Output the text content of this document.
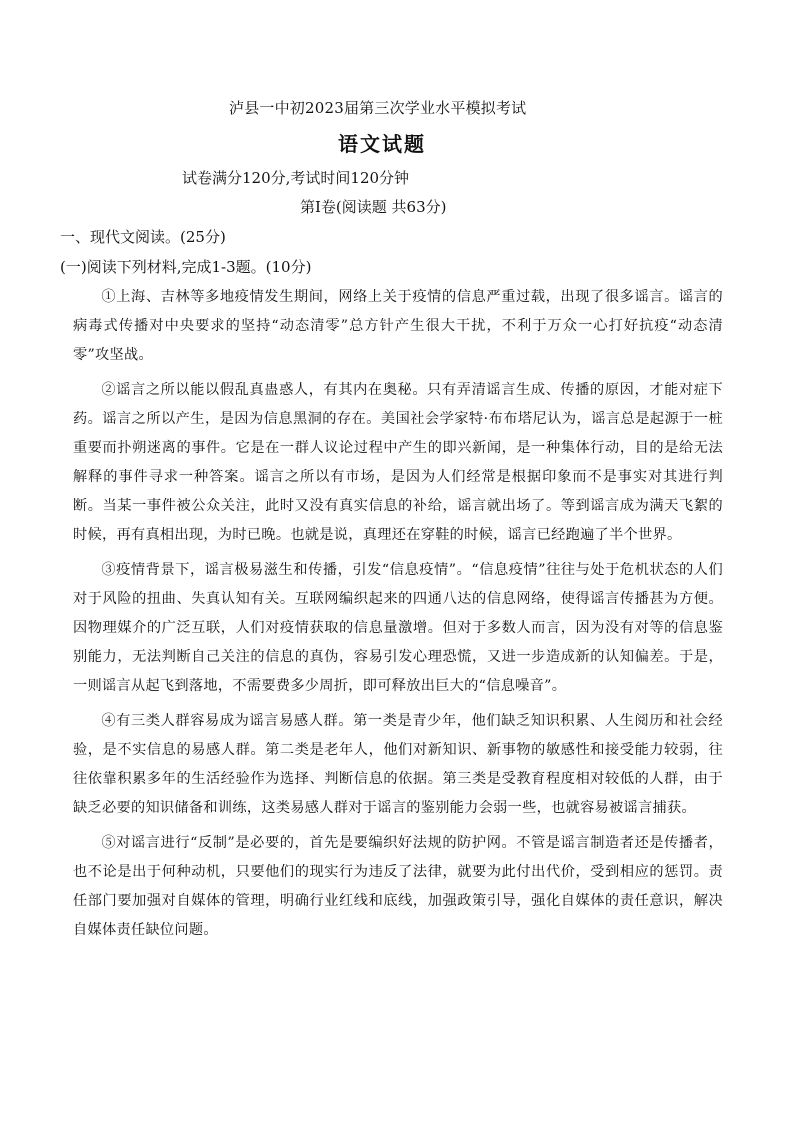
泸县一中初2023届第三次学业水平模拟考试
语文试题
试卷满分120分,考试时间120分钟
第Ⅰ卷(阅读题 共63分)
一、现代文阅读。(25分)
(一)阅读下列材料,完成1-3题。(10分)

①上海、吉林等多地疫情发生期间，网络上关于疫情的信息严重过载，出现了很多谣言。谣言的病毒式传播对中央要求的坚持“动态清零”总方针产生很大干扰，不利于万众一心打好抗疫“动态清零”攻坚战。

②谣言之所以能以假乱真蛊惑人，有其内在奥秘。只有弄清谣言生成、传播的原因，才能对症下药。谣言之所以产生，是因为信息黑洞的存在。美国社会学家特·布布塔尼认为，谣言总是起源于一桩重要而扑朔迷离的事件。它是在一群人议论过程中产生的即兴新闻，是一种集体行动，目的是给无法解释的事件寻求一种答案。谣言之所以有市场，是因为人们经常是根据印象而不是事实对其进行判断。当某一事件被公众关注，此时又没有真实信息的补给，谣言就出场了。等到谣言成为满天飞絮的时候，再有真相出现，为时已晚。也就是说，真理还在穿鞋的时候，谣言已经跑遍了半个世界。

③疫情背景下，谣言极易滋生和传播，引发“信息疫情”。“信息疫情”往往与处于危机状态的人们对于风险的扭曲、失真认知有关。互联网编织起来的四通八达的信息网络，使得谣言传播甚为方便。因物理媒介的广泛互联，人们对疫情获取的信息量激增。但对于多数人而言，因为没有对等的信息鉴别能力，无法判断自己关注的信息的真伪，容易引发心理恐慌，又进一步造成新的认知偏差。于是，一则谣言从起飞到落地，不需要费多少周折，即可释放出巨大的“信息噪音”。

④有三类人群容易成为谣言易感人群。第一类是青少年，他们缺乏知识积累、人生阅历和社会经验，是不实信息的易感人群。第二类是老年人，他们对新知识、新事物的敏感性和接受能力较弱，往往依靠积累多年的生活经验作为选择、判断信息的依据。第三类是受教育程度相对较低的人群，由于缺乏必要的知识储备和训练，这类易感人群对于谣言的鉴别能力会弱一些，也就容易被谣言捕获。

⑤对谣言进行“反制”是必要的，首先是要编织好法规的防护网。不管是谣言制造者还是传播者，也不论是出于何种动机，只要他们的现实行为违反了法律，就要为此付出代价，受到相应的惩罚。责任部门要加强对自媒体的管理，明确行业红线和底线，加强政策引导，强化自媒体的责任意识，解决自媒体责任缺位问题。
